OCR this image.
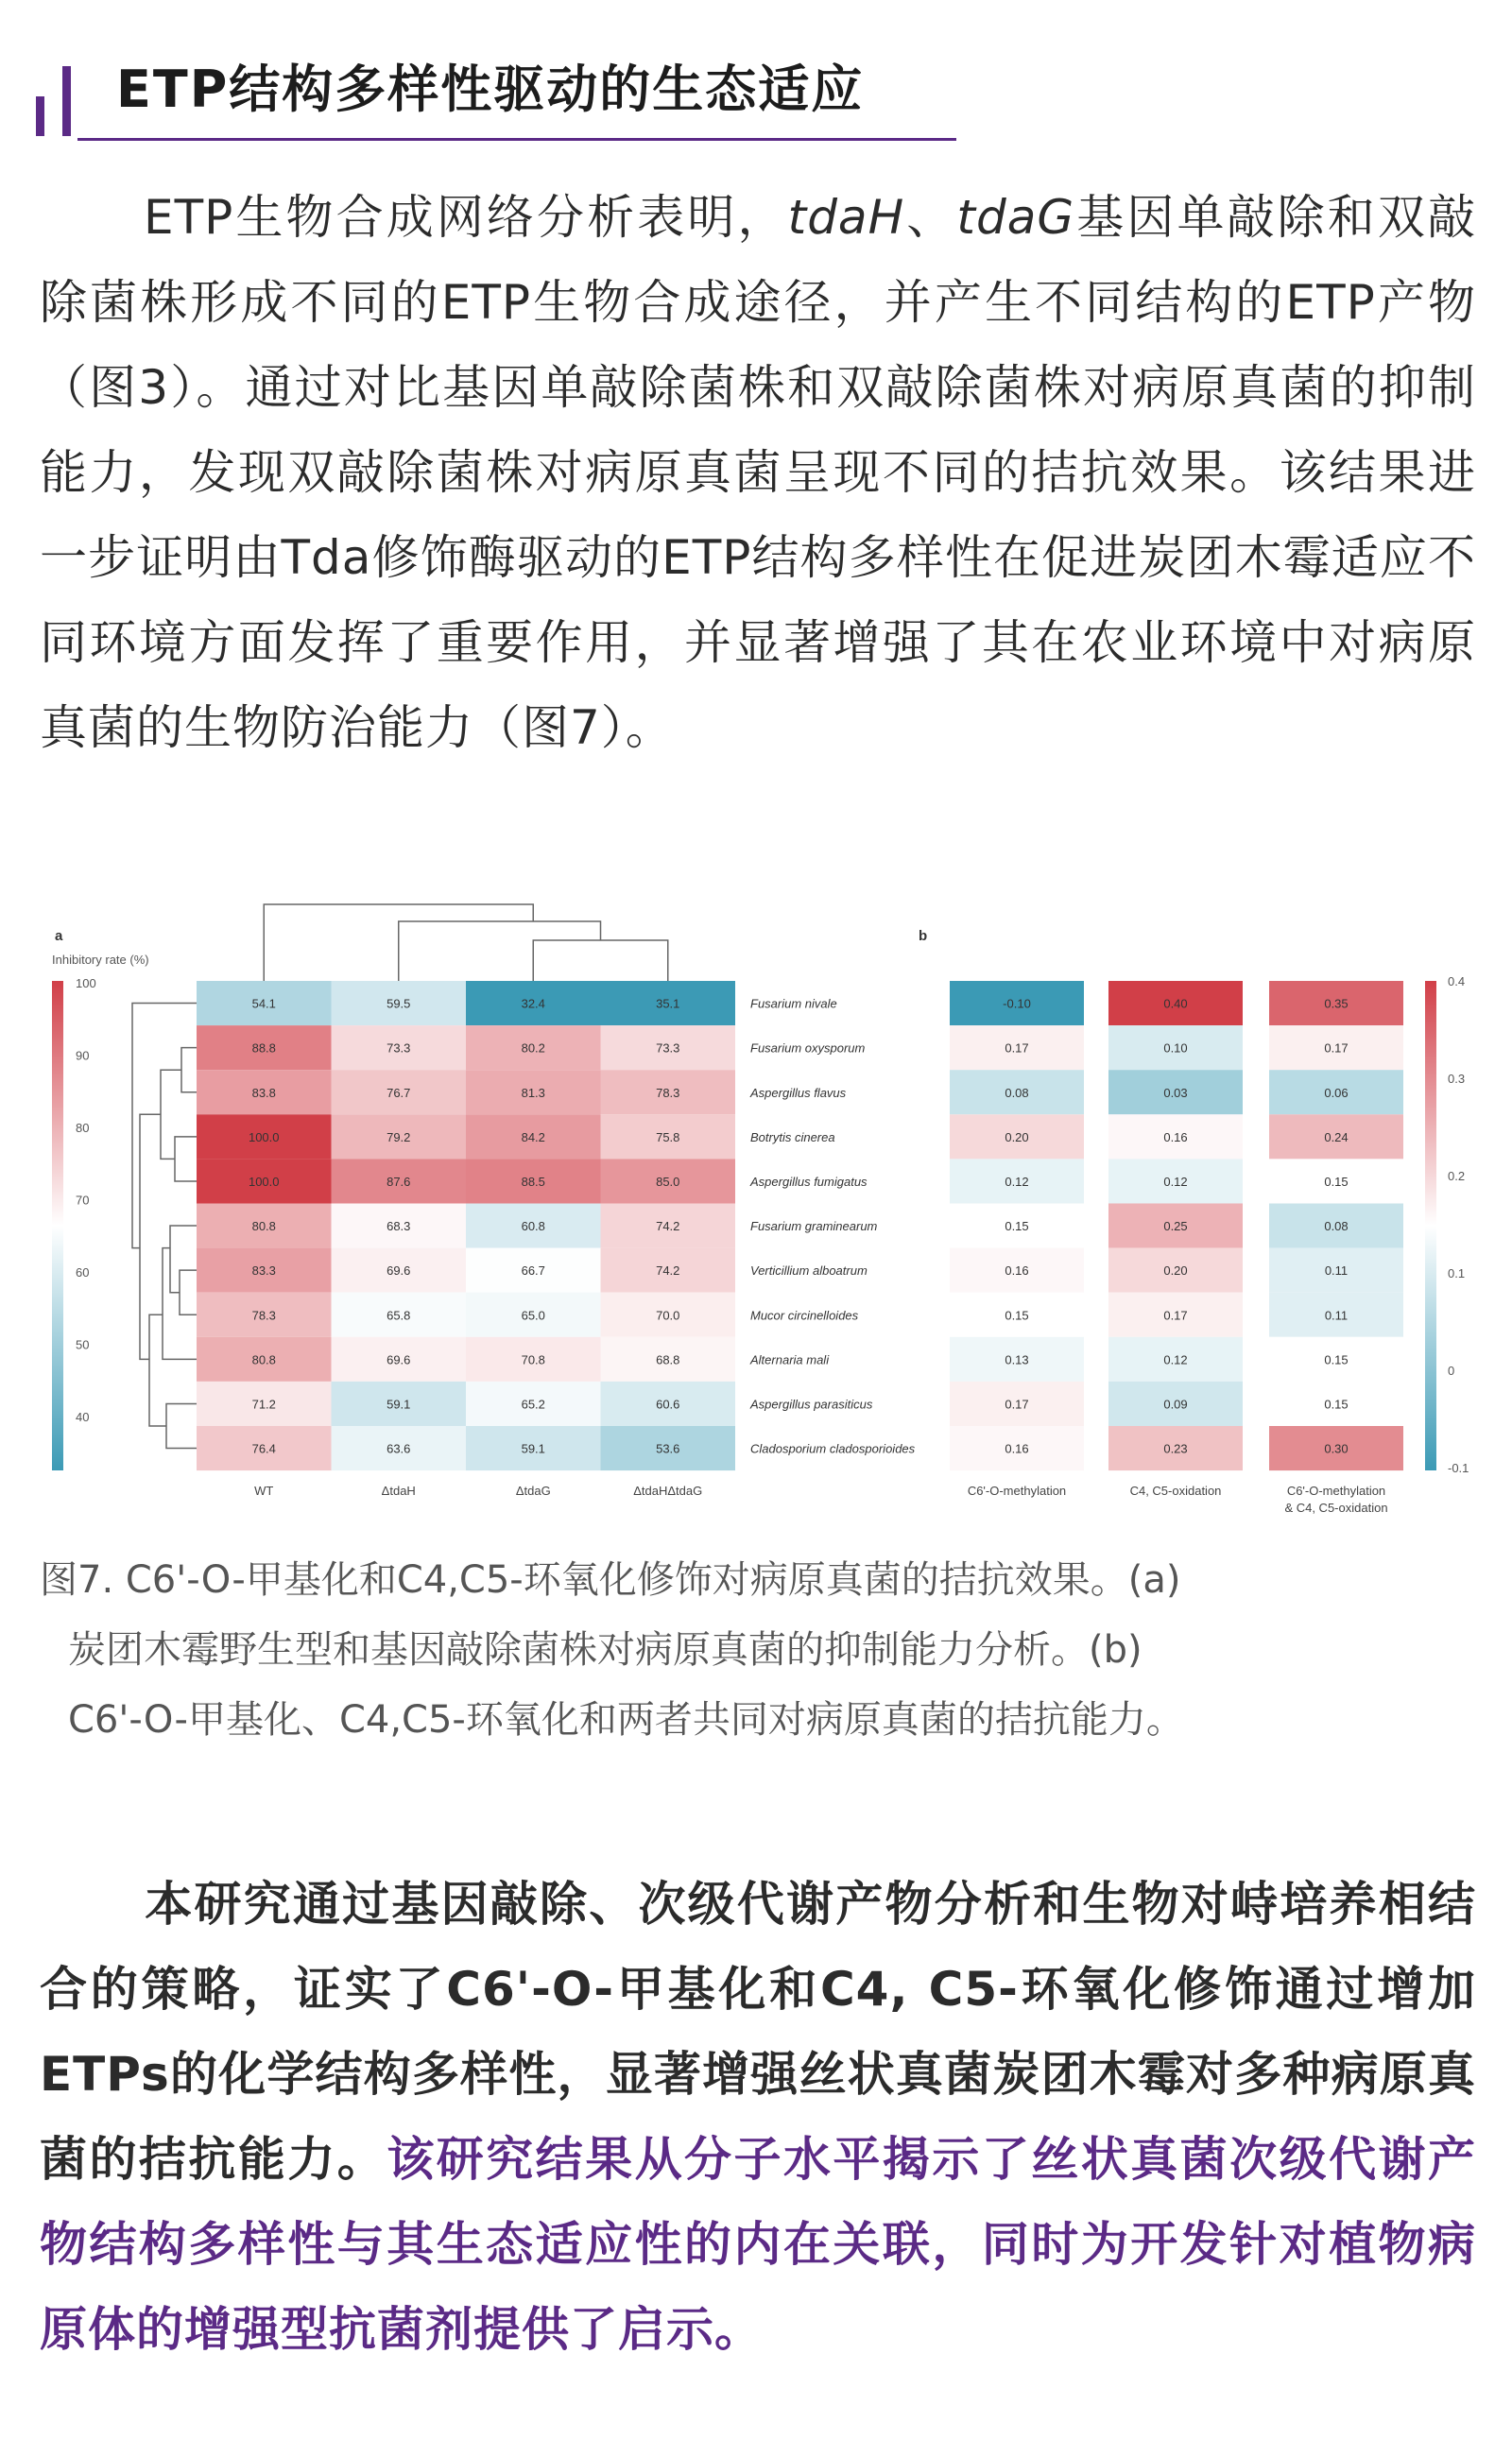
ETP结构多样性驱动的生态适应
ETP生物合成网络分析表明，tdaH、tdaG基因单敲除和双敲除菌株形成不同的ETP生物合成途径，并产生不同结构的ETP产物（图3）。通过对比基因单敲除菌株和双敲除菌株对病原真菌的抑制能力，发现双敲除菌株对病原真菌呈现不同的拮抗效果。该结果进一步证明由Tda修饰酶驱动的ETP结构多样性在促进炭团木霉适应不同环境方面发挥了重要作用，并显著增强了其在农业环境中对病原真菌的生物防治能力（图7）。
a
Inhibitory rate (%)
100
90
80
70
60
50
40
54.1	59.5	32.4	35.1	Fusarium nivale
88.8	73.3	80.2	73.3	Fusarium oxysporum
83.8	76.7	81.3	78.3	Aspergillus flavus
100.0	79.2	84.2	75.8	Botrytis cinerea
100.0	87.6	88.5	85.0	Aspergillus fumigatus
80.8	68.3	60.8	74.2	Fusarium graminearum
83.3	69.6	66.7	74.2	Verticillium alboatrum
78.3	65.8	65.0	70.0	Mucor circinelloides
80.8	69.6	70.8	68.8	Alternaria mali
71.2	59.1	65.2	60.6	Aspergillus parasiticus
76.4	63.6	59.1	53.6	Cladosporium cladosporioides
WT	ΔtdaH	ΔtdaG	ΔtdaHΔtdaG
b
-0.10	0.40	0.35
0.17	0.10	0.17
0.08	0.03	0.06
0.20	0.16	0.24
0.12	0.12	0.15
0.15	0.25	0.08
0.16	0.20	0.11
0.15	0.17	0.11
0.13	0.12	0.15
0.17	0.09	0.15
0.16	0.23	0.30
C6'-O-methylation	C4, C5-oxidation	C6'-O-methylation
& C4, C5-oxidation
0.4
0.3
0.2
0.1
0
-0.1
图7. C6'-O-甲基化和C4,C5-环氧化修饰对病原真菌的拮抗效果。(a)
炭团木霉野生型和基因敲除菌株对病原真菌的抑制能力分析。(b)
C6'-O-甲基化、C4,C5-环氧化和两者共同对病原真菌的拮抗能力。
本研究通过基因敲除、次级代谢产物分析和生物对峙培养相结合的策略，证实了C6'-O-甲基化和C4, C5-环氧化修饰通过增加ETPs的化学结构多样性，显著增强丝状真菌炭团木霉对多种病原真菌的拮抗能力。该研究结果从分子水平揭示了丝状真菌次级代谢产物结构多样性与其生态适应性的内在关联，同时为开发针对植物病原体的增强型抗菌剂提供了启示。
